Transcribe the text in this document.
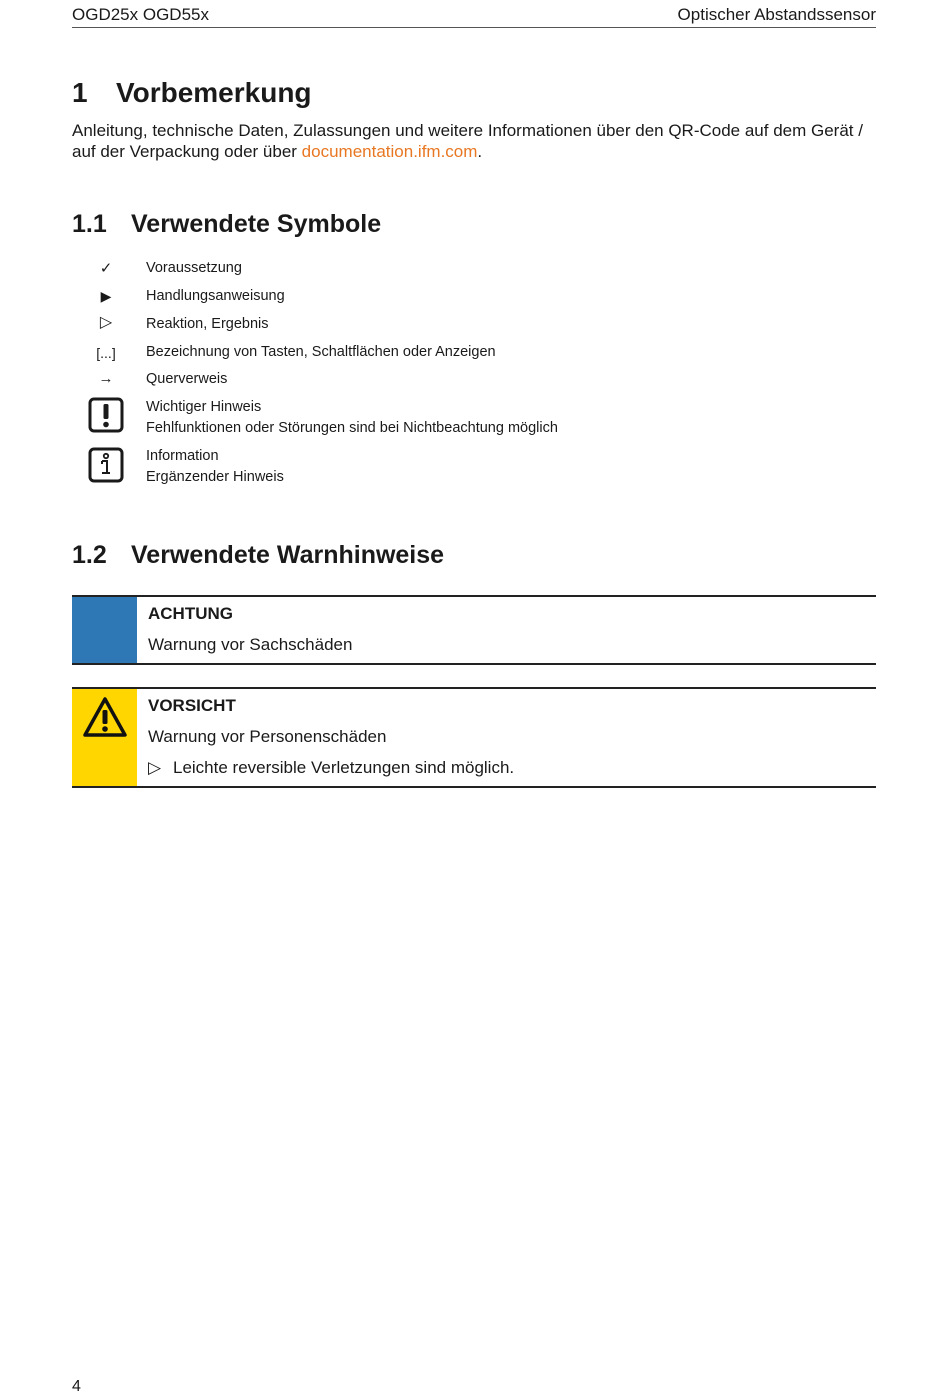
OGD25x OGD55x	Optischer Abstandssensor
1 Vorbemerkung

Anleitung, technische Daten, Zulassungen und weitere Informationen über den QR-Code auf dem Gerät / auf der Verpackung oder über documentation.ifm.com.

1.1 Verwendete Symbole
✓	Voraussetzung
▶	Handlungsanweisung
▷	Reaktion, Ergebnis
[...]	Bezeichnung von Tasten, Schaltflächen oder Anzeigen
→	Querverweis
Wichtiger Hinweis
Fehlfunktionen oder Störungen sind bei Nichtbeachtung möglich
Information
Ergänzender Hinweis
1.2 Verwendete Warnhinweise
ACHTUNG
Warnung vor Sachschäden
VORSICHT
Warnung vor Personenschäden
▷ Leichte reversible Verletzungen sind möglich.
4
